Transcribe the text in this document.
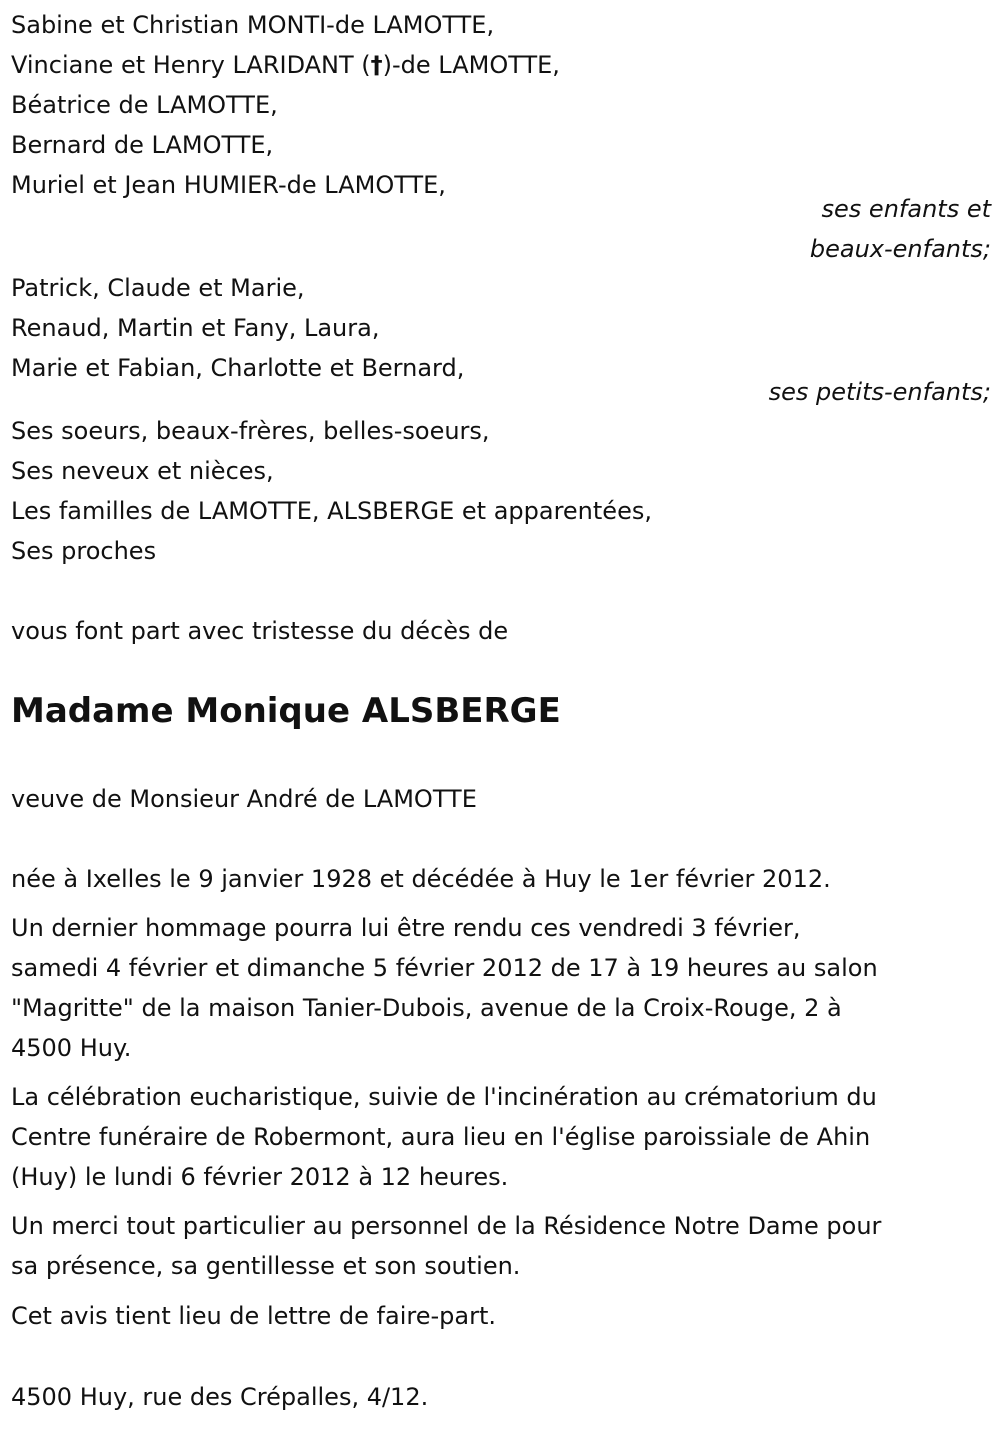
Sabine et Christian MONTI-de LAMOTTE,
Vinciane et Henry LARIDANT (†)-de LAMOTTE,
Béatrice de LAMOTTE,
Bernard de LAMOTTE,
Muriel et Jean HUMIER-de LAMOTTE,
ses enfants et
beaux-enfants;
Patrick, Claude et Marie,
Renaud, Martin et Fany, Laura,
Marie et Fabian, Charlotte et Bernard,
ses petits-enfants;
Ses soeurs, beaux-frères, belles-soeurs,
Ses neveux et nièces,
Les familles de LAMOTTE, ALSBERGE et apparentées,
Ses proches
vous font part avec tristesse du décès de
Madame Monique ALSBERGE
veuve de Monsieur André de LAMOTTE
née à Ixelles le 9 janvier 1928 et décédée à Huy le 1er février 2012.
Un dernier hommage pourra lui être rendu ces vendredi 3 février,
samedi 4 février et dimanche 5 février 2012 de 17 à 19 heures au salon
"Magritte" de la maison Tanier-Dubois, avenue de la Croix-Rouge, 2 à
4500 Huy.
La célébration eucharistique, suivie de l'incinération au crématorium du
Centre funéraire de Robermont, aura lieu en l'église paroissiale de Ahin
(Huy) le lundi 6 février 2012 à 12 heures.
Un merci tout particulier au personnel de la Résidence Notre Dame pour
sa présence, sa gentillesse et son soutien.
Cet avis tient lieu de lettre de faire-part.
4500 Huy, rue des Crépalles, 4/12.
